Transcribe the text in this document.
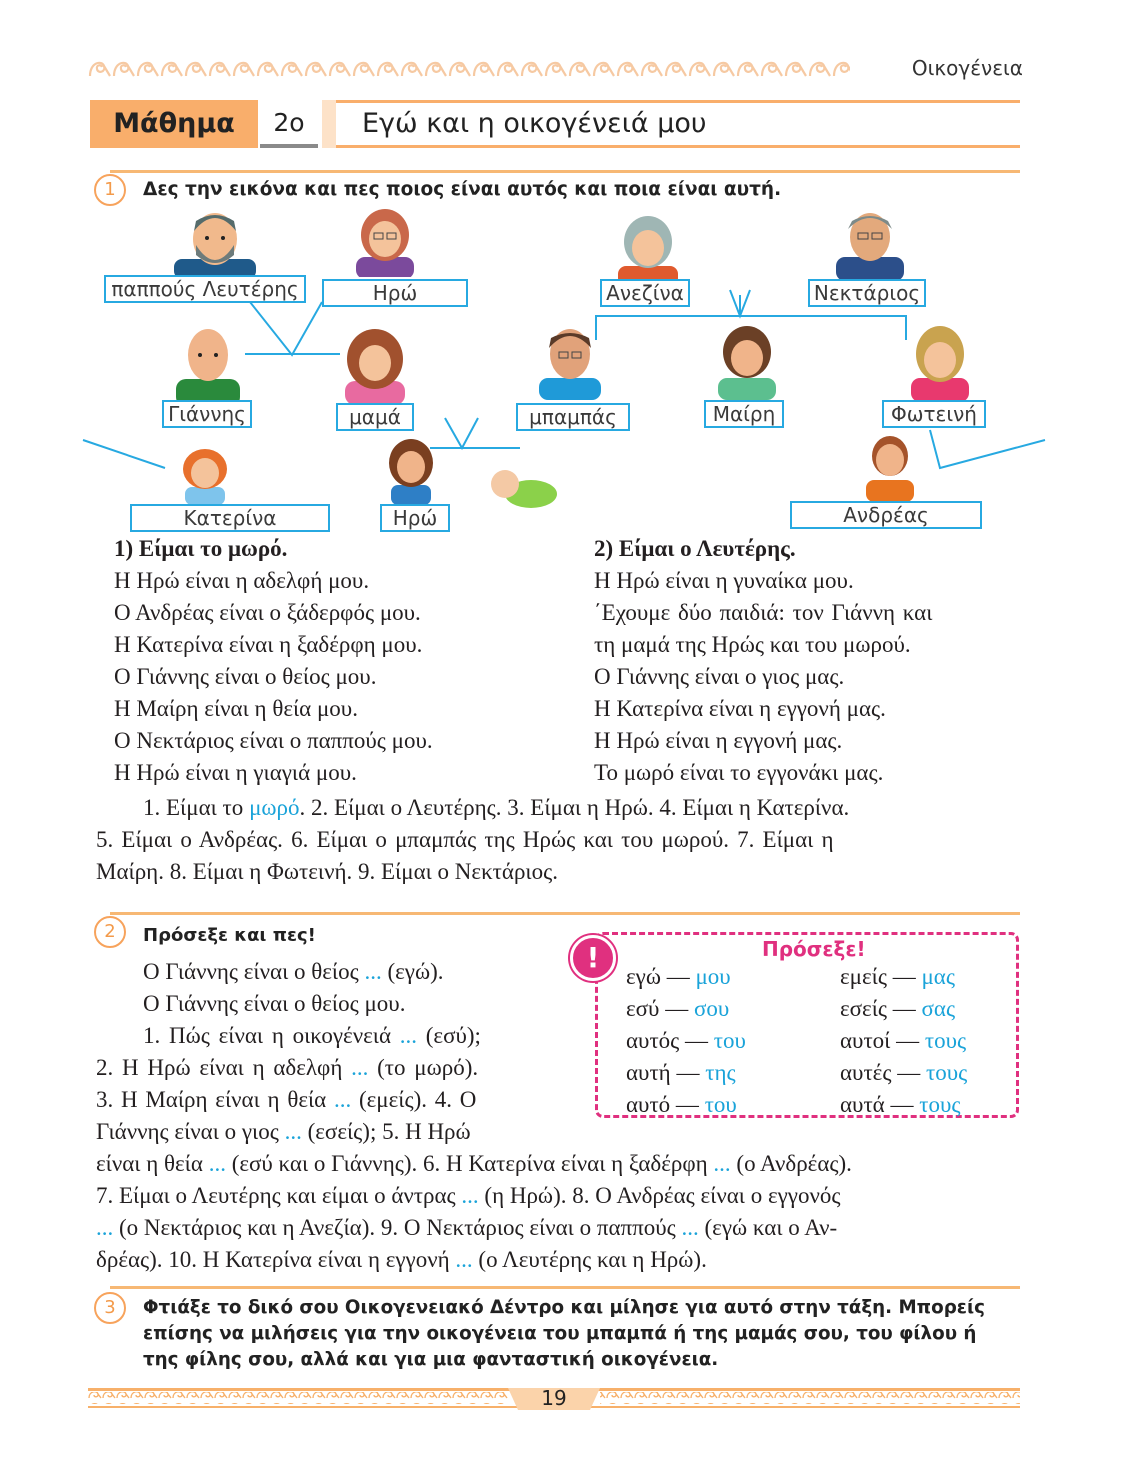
Οικογένεια
Μάθημα	2ο	Εγώ και η οικογένειά μου
1	Δες την εικόνα και πες ποιος είναι αυτός και ποια είναι αυτή.
παππούς Λευτέρης	Ηρώ	Ανεζίνα	Νεκτάριος
Γιάννης	μαμά	μπαμπάς	Μαίρη	Φωτεινή
Κατερίνα	Ηρώ	Ανδρέας
1) Είμαι το μωρό.
Η Ηρώ είναι η αδελφή μου.
Ο Ανδρέας είναι ο ξάδερφός μου.
Η Κατερίνα είναι η ξαδέρφη μου.
Ο Γιάννης είναι ο θείος μου.
Η Μαίρη είναι η θεία μου.
Ο Νεκτάριος είναι ο παππούς μου.
Η Ηρώ είναι η γιαγιά μου.
2) Είμαι ο Λευτέρης.
Η Ηρώ είναι η γυναίκα μου.
΄Εχουμε δύο παιδιά: τον Γιάννη και
τη μαμά της Ηρώς και του μωρού.
Ο Γιάννης είναι ο γιος μας.
Η Κατερίνα είναι η εγγονή μας.
Η Ηρώ είναι η εγγονή μας.
Το μωρό είναι το εγγονάκι μας.
1. Είμαι το μωρό. 2. Είμαι ο Λευτέρης. 3. Είμαι η Ηρώ. 4. Είμαι η Κατερίνα.
5. Είμαι ο Ανδρέας. 6. Είμαι ο μπαμπάς της Ηρώς και του μωρού. 7. Είμαι η
Μαίρη. 8. Είμαι η Φωτεινή. 9. Είμαι ο Νεκτάριος.
2	Πρόσεξε και πες!
Ο Γιάννης είναι ο θείος ... (εγώ).
Ο Γιάννης είναι ο θείος μου.
1. Πώς είναι η οικογένειά ... (εσύ);
2. Η Ηρώ είναι η αδελφή ... (το μωρό).
3. Η Μαίρη είναι η θεία ... (εμείς). 4. Ο
Γιάννης είναι ο γιος ... (εσείς); 5. Η Ηρώ
είναι η θεία ... (εσύ και ο Γιάννης). 6. Η Κατερίνα είναι η ξαδέρφη ... (ο Ανδρέας).
7. Είμαι ο Λευτέρης και είμαι ο άντρας ... (η Ηρώ). 8. Ο Ανδρέας είναι ο εγγονός
... (ο Νεκτάριος και η Ανεζία). 9. Ο Νεκτάριος είναι ο παππούς ... (εγώ και ο Αν-
δρέας). 10. Η Κατερίνα είναι η εγγονή ... (ο Λευτέρης και η Ηρώ).
Πρόσεξε!
εγώ — μου	εμείς — μας
εσύ — σου	εσείς — σας
αυτός — του	αυτοί — τους
αυτή — της	αυτές — τους
αυτό — του	αυτά — τους
!
3	Φτιάξε το δικό σου Οικογενειακό Δέντρο και μίλησε για αυτό στην τάξη. Μπορείς
επίσης να μιλήσεις για την οικογένεια του μπαμπά ή της μαμάς σου, του φίλου ή
της φίλης σου, αλλά και για μια φανταστική οικογένεια.
19
